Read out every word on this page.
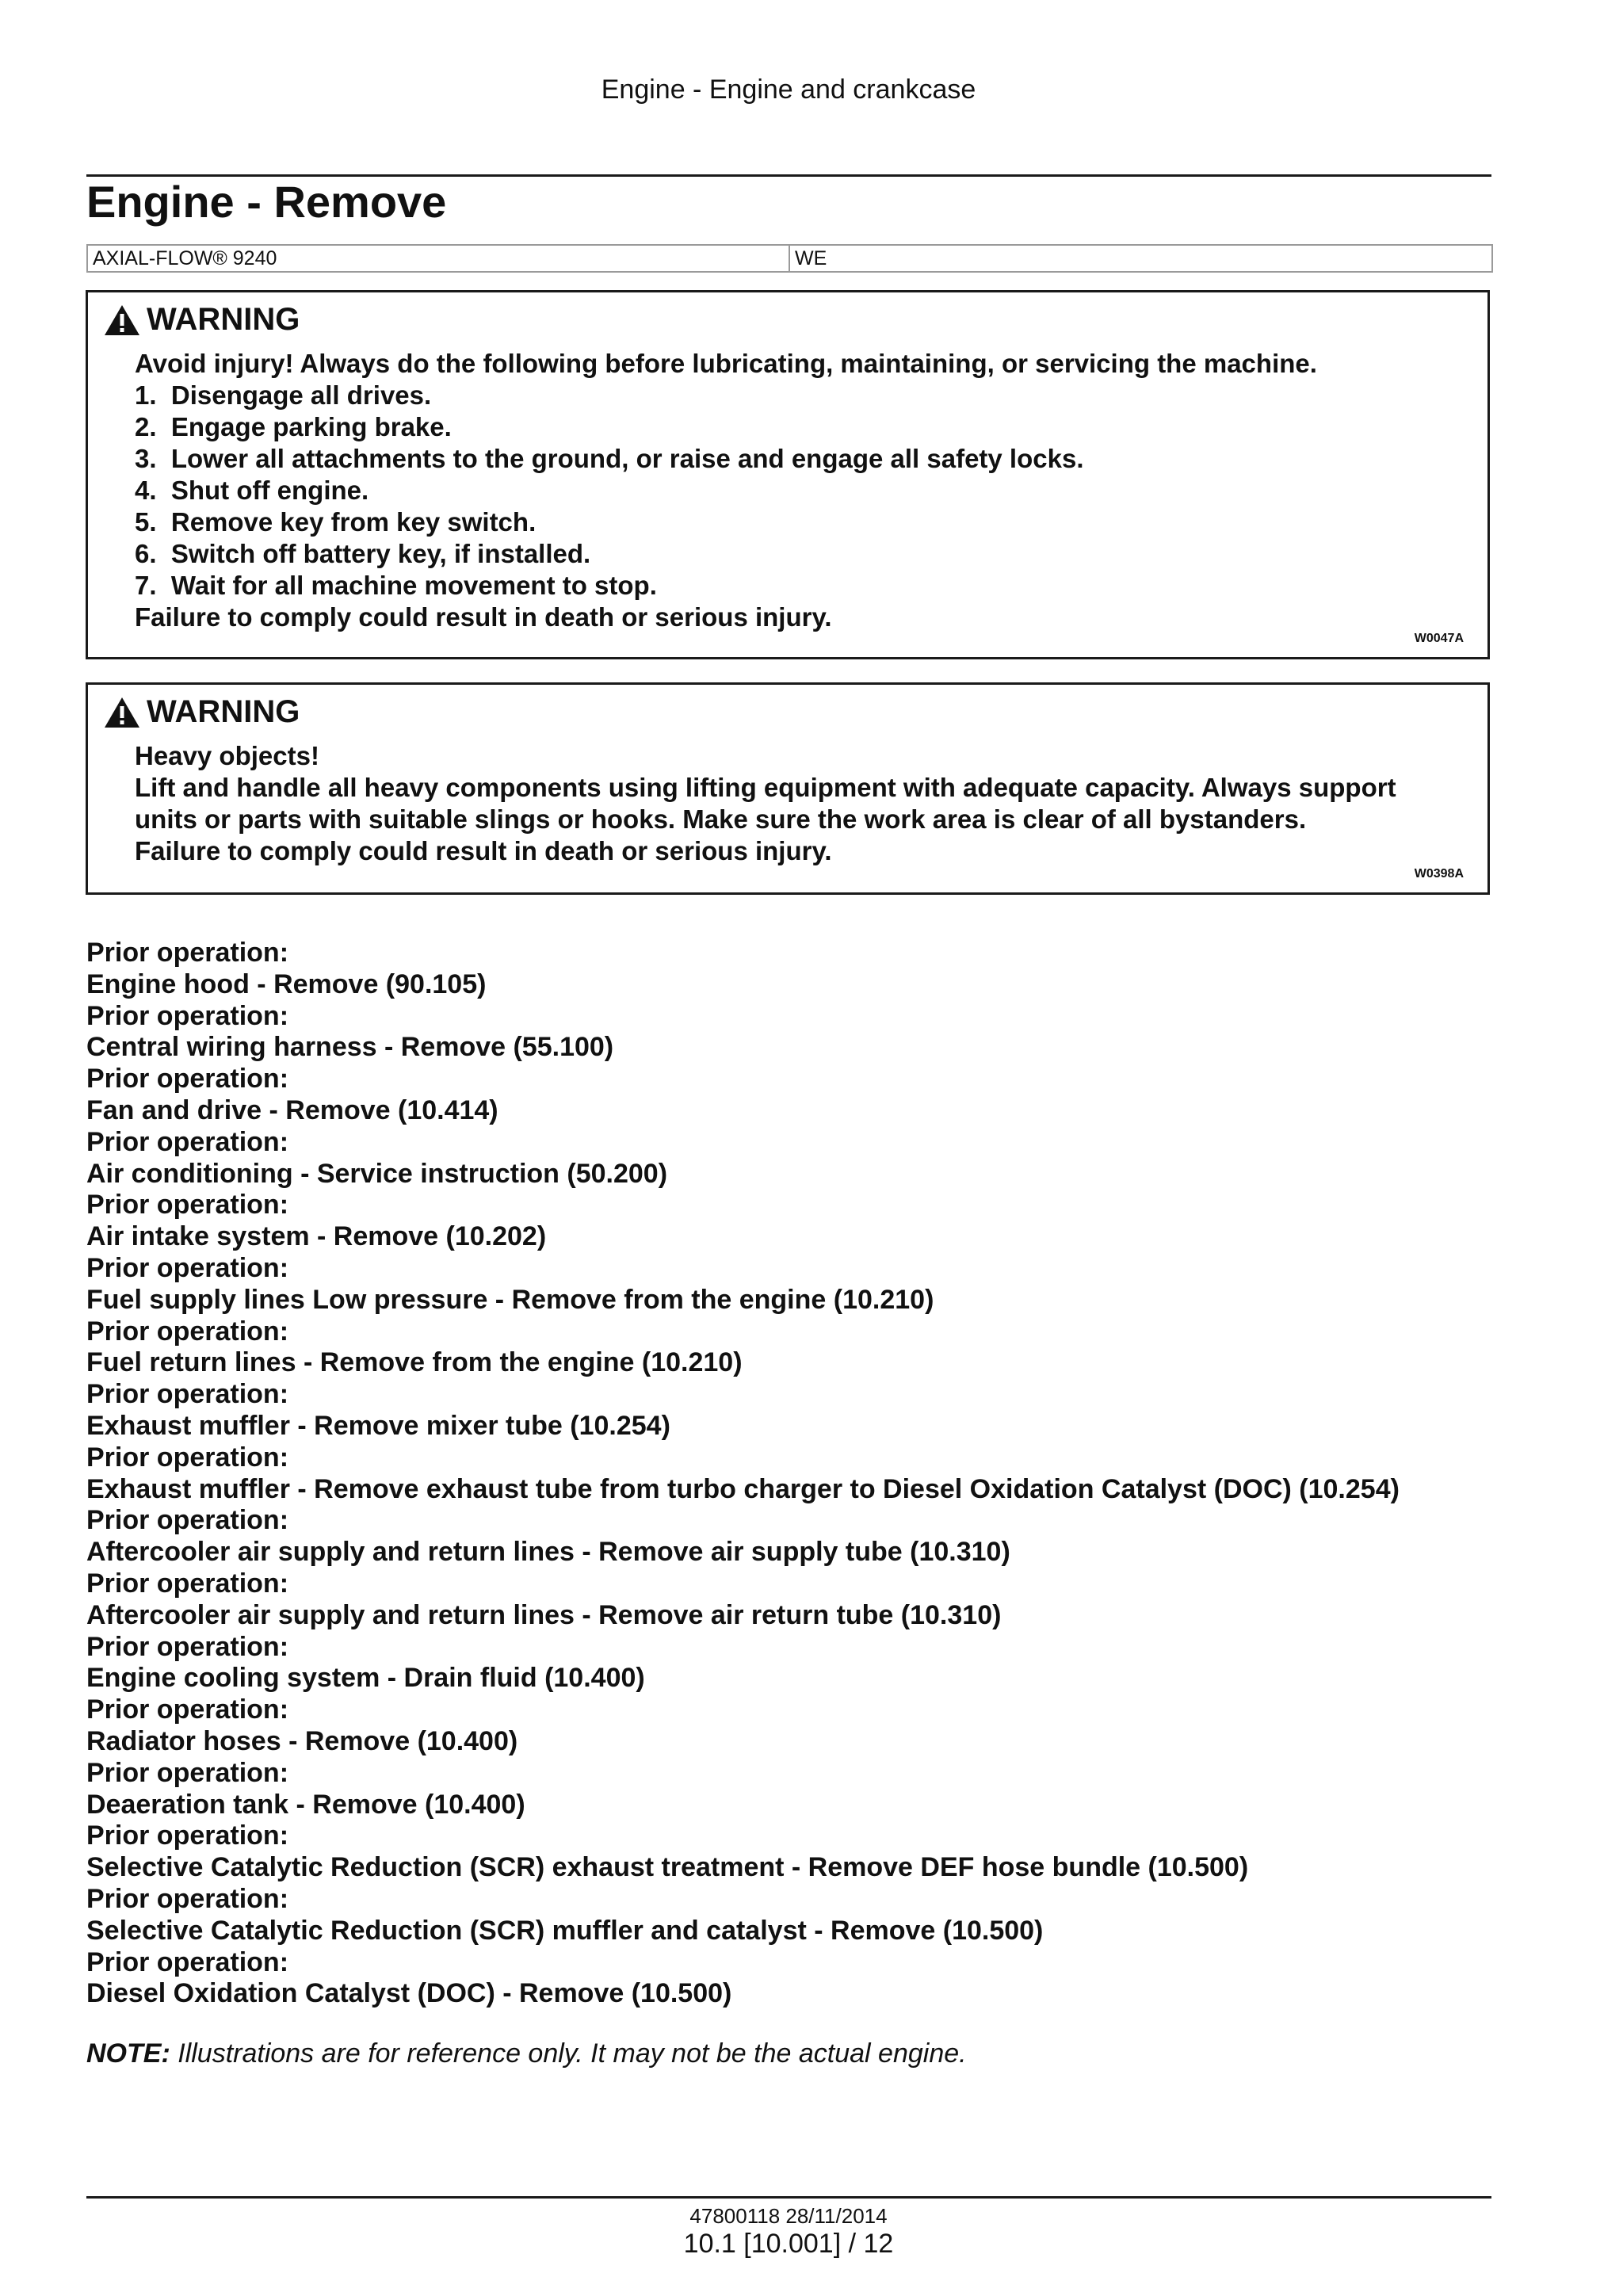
Engine - Engine and crankcase
Engine - Remove
AXIAL-FLOW® 9240	WE
WARNING
Avoid injury! Always do the following before lubricating, maintaining, or servicing the machine.
1.  Disengage all drives.
2.  Engage parking brake.
3.  Lower all attachments to the ground, or raise and engage all safety locks.
4.  Shut off engine.
5.  Remove key from key switch.
6.  Switch off battery key, if installed.
7.  Wait for all machine movement to stop.
Failure to comply could result in death or serious injury.
W0047A
WARNING
Heavy objects!
Lift and handle all heavy components using lifting equipment with adequate capacity. Always support
units or parts with suitable slings or hooks. Make sure the work area is clear of all bystanders.
Failure to comply could result in death or serious injury.
W0398A
Prior operation:
Engine hood - Remove (90.105)
Prior operation:
Central wiring harness - Remove (55.100)
Prior operation:
Fan and drive - Remove (10.414)
Prior operation:
Air conditioning - Service instruction (50.200)
Prior operation:
Air intake system - Remove (10.202)
Prior operation:
Fuel supply lines Low pressure - Remove from the engine (10.210)
Prior operation:
Fuel return lines - Remove from the engine (10.210)
Prior operation:
Exhaust muffler - Remove mixer tube (10.254)
Prior operation:
Exhaust muffler - Remove exhaust tube from turbo charger to Diesel Oxidation Catalyst (DOC) (10.254)
Prior operation:
Aftercooler air supply and return lines - Remove air supply tube (10.310)
Prior operation:
Aftercooler air supply and return lines - Remove air return tube (10.310)
Prior operation:
Engine cooling system - Drain fluid (10.400)
Prior operation:
Radiator hoses - Remove (10.400)
Prior operation:
Deaeration tank - Remove (10.400)
Prior operation:
Selective Catalytic Reduction (SCR) exhaust treatment - Remove DEF hose bundle (10.500)
Prior operation:
Selective Catalytic Reduction (SCR) muffler and catalyst - Remove (10.500)
Prior operation:
Diesel Oxidation Catalyst (DOC) - Remove (10.500)
NOTE: Illustrations are for reference only. It may not be the actual engine.
47800118 28/11/2014
10.1 [10.001] / 12
